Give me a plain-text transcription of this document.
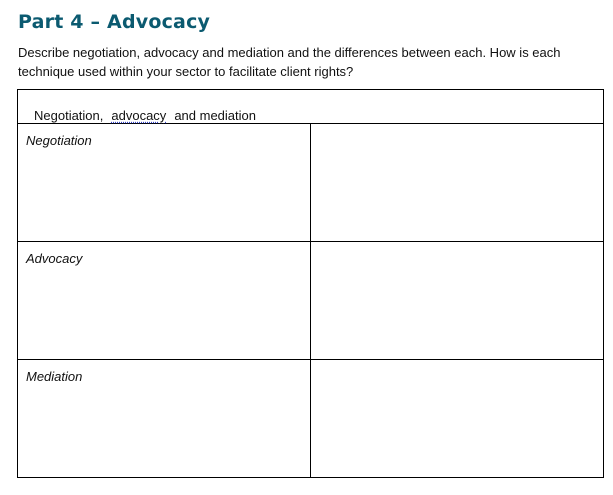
Part 4 – Advocacy
Describe negotiation, advocacy and mediation and the differences between each. How is each technique used within your sector to facilitate client rights?
Negotiation,advocacyand mediation	

Negotiation	

Advocacy	

Mediation	
